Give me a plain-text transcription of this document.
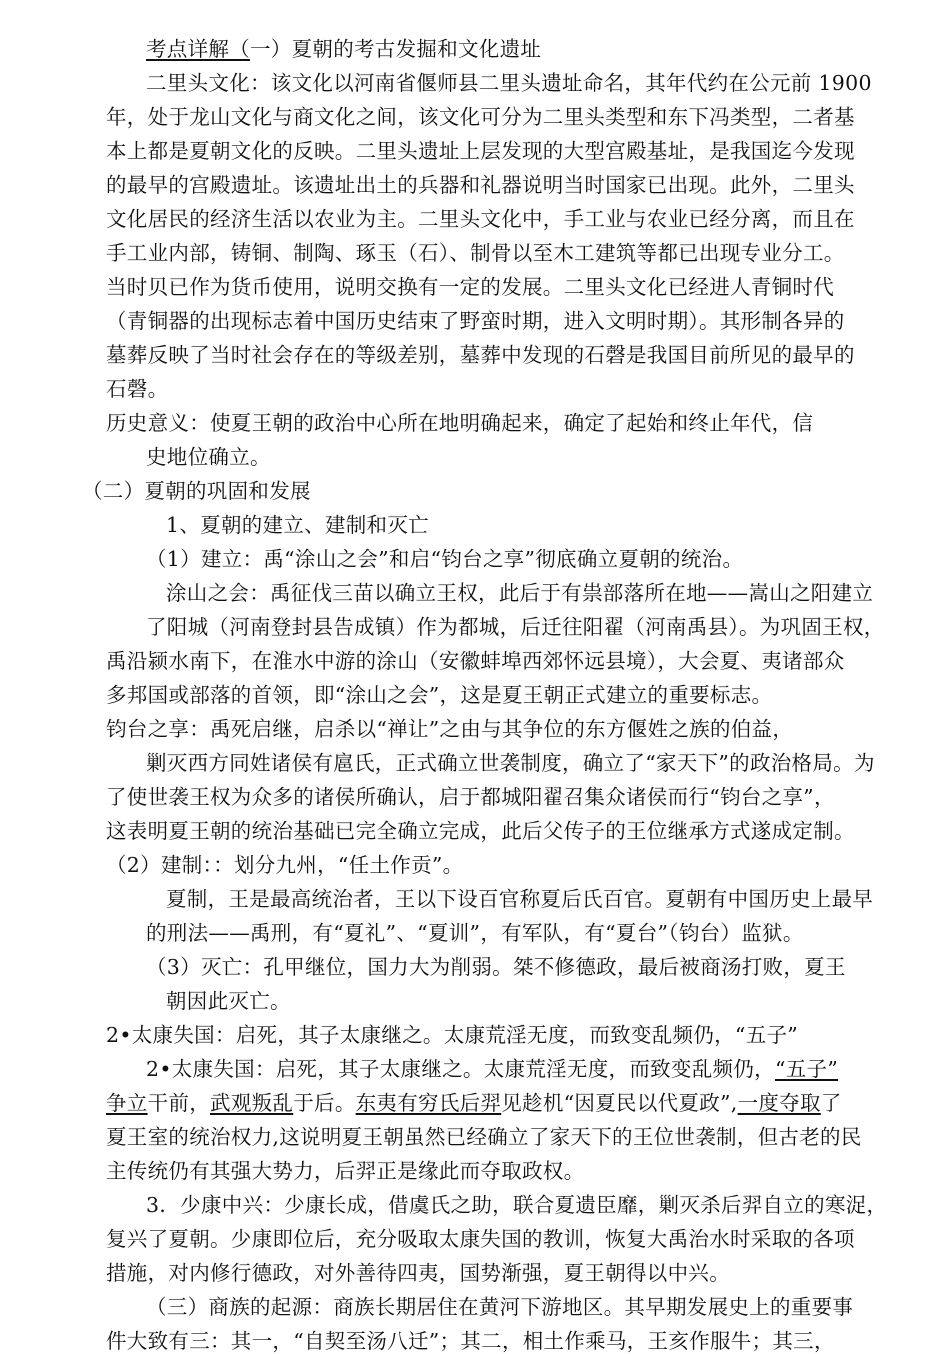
考点详解（一）夏朝的考古发掘和文化遗址
二里头文化：该文化以河南省偃师县二里头遗址命名，其年代约在公元前 1900
年，处于龙山文化与商文化之间，该文化可分为二里头类型和东下冯类型，二者基
本上都是夏朝文化的反映。二里头遗址上层发现的大型宫殿基址，是我国迄今发现
的最早的宫殿遗址。该遗址出土的兵器和礼器说明当时国家已出现。此外，二里头
文化居民的经济生活以农业为主。二里头文化中，手工业与农业已经分离，而且在
手工业内部，铸铜、制陶、琢玉（石）、制骨以至木工建筑等都已出现专业分工。
当时贝已作为货币使用，说明交换有一定的发展。二里头文化已经进人青铜时代
（青铜器的出现标志着中国历史结束了野蛮时期，进入文明时期）。其形制各异的
墓葬反映了当时社会存在的等级差别，墓葬中发现的石磬是我国目前所见的最早的
石磬。
历史意义：使夏王朝的政治中心所在地明确起来，确定了起始和终止年代，信
史地位确立。
（二）夏朝的巩固和发展
1、夏朝的建立、建制和灭亡
（1）建立：禹“涂山之会”和启“钧台之享”彻底确立夏朝的统治。
涂山之会：禹征伐三苗以确立王权，此后于有祟部落所在地——嵩山之阳建立
了阳城（河南登封县告成镇）作为都城，后迁往阳翟（河南禹县）。为巩固王权，
禹沿颍水南下，在淮水中游的涂山（安徽蚌埠西郊怀远县境），大会夏、夷诸部众
多邦国或部落的首领，即“涂山之会”，这是夏王朝正式建立的重要标志。
钧台之享：禹死启继，启杀以“禅让”之由与其争位的东方偃姓之族的伯益，
剿灭西方同姓诸侯有扈氏，正式确立世袭制度，确立了“家天下”的政治格局。为
了使世袭王权为众多的诸侯所确认，启于都城阳翟召集众诸侯而行“钧台之享”，
这表明夏王朝的统治基础已完全确立完成，此后父传子的王位继承方式遂成定制。
（2）建制：：划分九州，“任土作贡”。
夏制，王是最高统治者，王以下设百官称夏后氏百官。夏朝有中国历史上最早
的刑法——禹刑，有“夏礼”、“夏训”，有军队，有“夏台”（钧台）监狱。
（3）灭亡：孔甲继位，国力大为削弱。桀不修德政，最后被商汤打败，夏王
朝因此灭亡。
2•太康失国：启死，其子太康继之。太康荒淫无度，而致变乱频仍，“五子”
2•太康失国：启死，其子太康继之。太康荒淫无度，而致变乱频仍，“五子”
争立干前，武观叛乱于后。东夷有穷氏后羿见趁机“因夏民以代夏政”,一度夺取了
夏王室的统治权力,这说明夏王朝虽然已经确立了家天下的王位世袭制，但古老的民
主传统仍有其强大势力，后羿正是缘此而夺取政权。
3．少康中兴：少康长成，借虞氏之助，联合夏遗臣靡，剿灭杀后羿自立的寒浞，
复兴了夏朝。少康即位后，充分吸取太康失国的教训，恢复大禹治水时采取的各项
措施，对内修行德政，对外善待四夷，国势渐强，夏王朝得以中兴。
（三）商族的起源：商族长期居住在黄河下游地区。其早期发展史上的重要事
件大致有三：其一，“自契至汤八迁”；其二，相土作乘马，王亥作服牛；其三，
